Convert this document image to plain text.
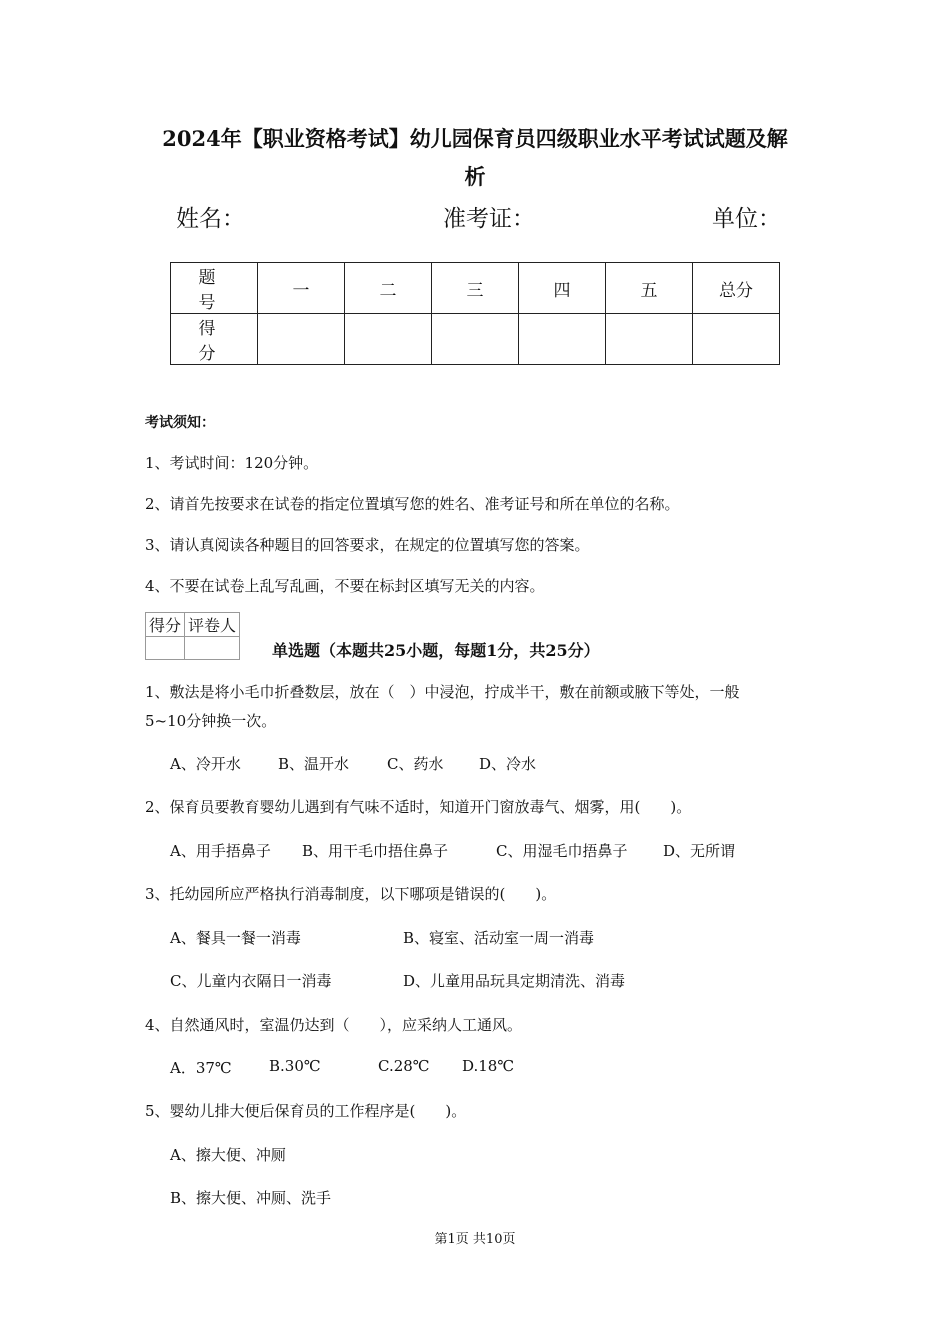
2024年【职业资格考试】幼儿园保育员四级职业水平考试试题及解
析
姓名：	准考证：	单位：
题　号	一	二	三	四	五	总分
得　分						
考试须知：
1、考试时间：120分钟。
2、请首先按要求在试卷的指定位置填写您的姓名、准考证号和所在单位的名称。
3、请认真阅读各种题目的回答要求，在规定的位置填写您的答案。
4、不要在试卷上乱写乱画，不要在标封区填写无关的内容。
得分	评卷人

单选题（本题共25小题，每题1分，共25分）
1、敷法是将小毛巾折叠数层，放在（　）中浸泡，拧成半干，敷在前额或腋下等处，一般
5~10分钟换一次。
A、冷开水 B、温开水	C、药水 D、冷水
2、保育员要教育婴幼儿遇到有气味不适时，知道开门窗放毒气、烟雾，用(　　)。
A、用手捂鼻子 B、用干毛巾捂住鼻子	C、用湿毛巾捂鼻子 D、无所谓
3、托幼园所应严格执行消毒制度，以下哪项是错误的(　　)。
A、餐具一餐一消毒	B、寝室、活动室一周一消毒
C、儿童内衣隔日一消毒	D、儿童用品玩具定期清洗、消毒
4、自然通风时，室温仍达到（　　），应采纳人工通风。
A．37℃ B.30℃	C.28℃ D.18℃
5、婴幼儿排大便后保育员的工作程序是(　　)。
A、擦大便、冲厕
B、擦大便、冲厕、洗手
第1页 共10页
